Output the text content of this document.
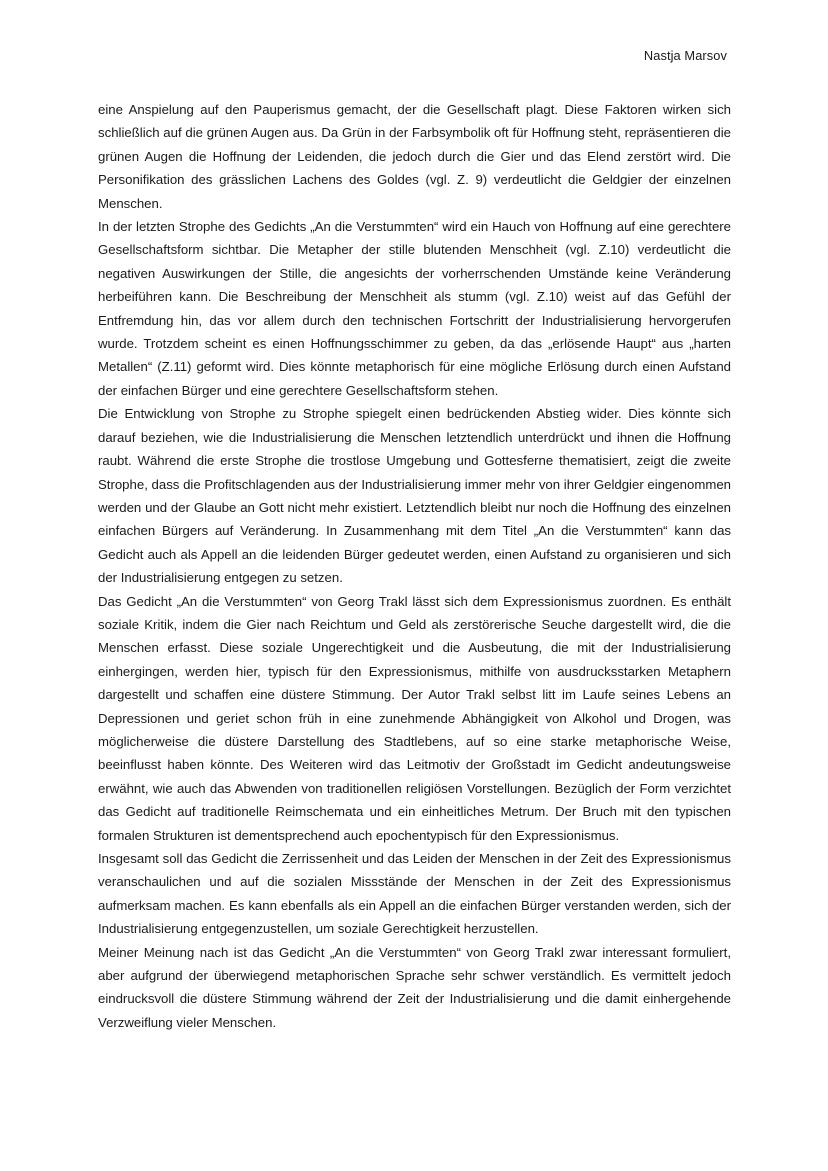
Nastja Marsov

eine Anspielung auf den Pauperismus gemacht, der die Gesellschaft plagt. Diese Faktoren wirken sich schließlich auf die grünen Augen aus. Da Grün in der Farbsymbolik oft für Hoffnung steht, repräsentieren die grünen Augen die Hoffnung der Leidenden, die jedoch durch die Gier und das Elend zerstört wird. Die Personifikation des grässlichen Lachens des Goldes (vgl. Z. 9) verdeutlicht die Geldgier der einzelnen Menschen.

In der letzten Strophe des Gedichts „An die Verstummten“ wird ein Hauch von Hoffnung auf eine gerechtere Gesellschaftsform sichtbar. Die Metapher der stille blutenden Menschheit (vgl. Z.10) verdeutlicht die negativen Auswirkungen der Stille, die angesichts der vorherrschenden Umstände keine Veränderung herbeiführen kann. Die Beschreibung der Menschheit als stumm (vgl. Z.10) weist auf das Gefühl der Entfremdung hin, das vor allem durch den technischen Fortschritt der Industrialisierung hervorgerufen wurde. Trotzdem scheint es einen Hoffnungsschimmer zu geben, da das „erlösende Haupt“ aus „harten Metallen“ (Z.11) geformt wird. Dies könnte metaphorisch für eine mögliche Erlösung durch einen Aufstand der einfachen Bürger und eine gerechtere Gesellschaftsform stehen.

Die Entwicklung von Strophe zu Strophe spiegelt einen bedrückenden Abstieg wider. Dies könnte sich darauf beziehen, wie die Industrialisierung die Menschen letztendlich unterdrückt und ihnen die Hoffnung raubt. Während die erste Strophe die trostlose Umgebung und Gottesferne thematisiert, zeigt die zweite Strophe, dass die Profitschlagenden aus der Industrialisierung immer mehr von ihrer Geldgier eingenommen werden und der Glaube an Gott nicht mehr existiert. Letztendlich bleibt nur noch die Hoffnung des einzelnen einfachen Bürgers auf Veränderung. In Zusammenhang mit dem Titel „An die Verstummten“ kann das Gedicht auch als Appell an die leidenden Bürger gedeutet werden, einen Aufstand zu organisieren und sich der Industrialisierung entgegen zu setzen.

Das Gedicht „An die Verstummten“ von Georg Trakl lässt sich dem Expressionismus zuordnen. Es enthält soziale Kritik, indem die Gier nach Reichtum und Geld als zerstörerische Seuche dargestellt wird, die die Menschen erfasst. Diese soziale Ungerechtigkeit und die Ausbeutung, die mit der Industrialisierung einhergingen, werden hier, typisch für den Expressionismus, mithilfe von ausdrucksstarken Metaphern dargestellt und schaffen eine düstere Stimmung. Der Autor Trakl selbst litt im Laufe seines Lebens an Depressionen und geriet schon früh in eine zunehmende Abhängigkeit von Alkohol und Drogen, was möglicherweise die düstere Darstellung des Stadtlebens, auf so eine starke metaphorische Weise, beeinflusst haben könnte. Des Weiteren wird das Leitmotiv der Großstadt im Gedicht andeutungsweise erwähnt, wie auch das Abwenden von traditionellen religiösen Vorstellungen. Bezüglich der Form verzichtet das Gedicht auf traditionelle Reimschemata und ein einheitliches Metrum. Der Bruch mit den typischen formalen Strukturen ist dementsprechend auch epochentypisch für den Expressionismus.

Insgesamt soll das Gedicht die Zerrissenheit und das Leiden der Menschen in der Zeit des Expressionismus veranschaulichen und auf die sozialen Missstände der Menschen in der Zeit des Expressionismus aufmerksam machen. Es kann ebenfalls als ein Appell an die einfachen Bürger verstanden werden, sich der Industrialisierung entgegenzustellen, um soziale Gerechtigkeit herzustellen.

Meiner Meinung nach ist das Gedicht „An die Verstummten“ von Georg Trakl zwar interessant formuliert, aber aufgrund der überwiegend metaphorischen Sprache sehr schwer verständlich. Es vermittelt jedoch eindrucksvoll die düstere Stimmung während der Zeit der Industrialisierung und die damit einhergehende Verzweiflung vieler Menschen.
